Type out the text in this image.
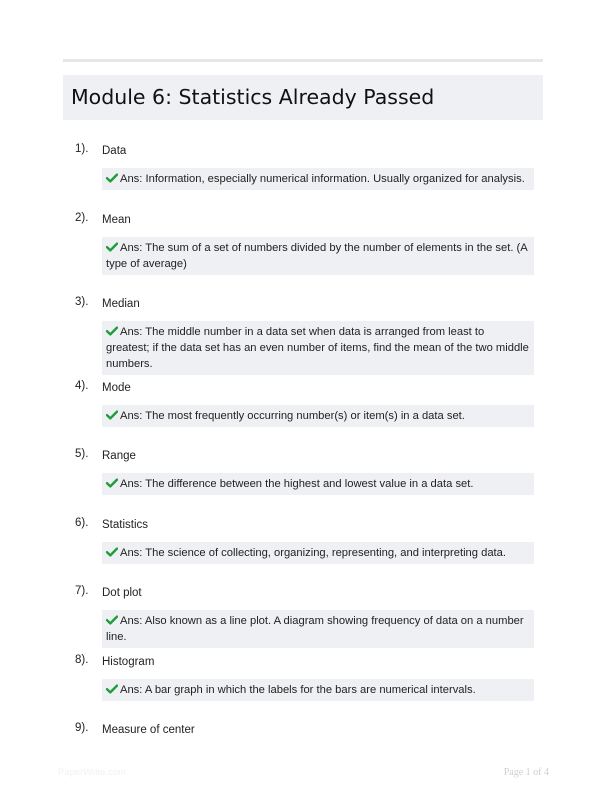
Module 6: Statistics Already Passed
1). Data
Ans: Information, especially numerical information. Usually organized for analysis.
2). Mean
Ans: The sum of a set of numbers divided by the number of elements in the set. (A type of average)
3). Median
Ans: The middle number in a data set when data is arranged from least to greatest; if the data set has an even number of items, find the mean of the two middle numbers.
4). Mode
Ans: The most frequently occurring number(s) or item(s) in a data set.
5). Range
Ans: The difference between the highest and lowest value in a data set.
6). Statistics
Ans: The science of collecting, organizing, representing, and interpreting data.
7). Dot plot
Ans: Also known as a line plot. A diagram showing frequency of data on a number line.
8). Histogram
Ans: A bar graph in which the labels for the bars are numerical intervals.
9). Measure of center
PaperWrite.com	Page 1 of 4
